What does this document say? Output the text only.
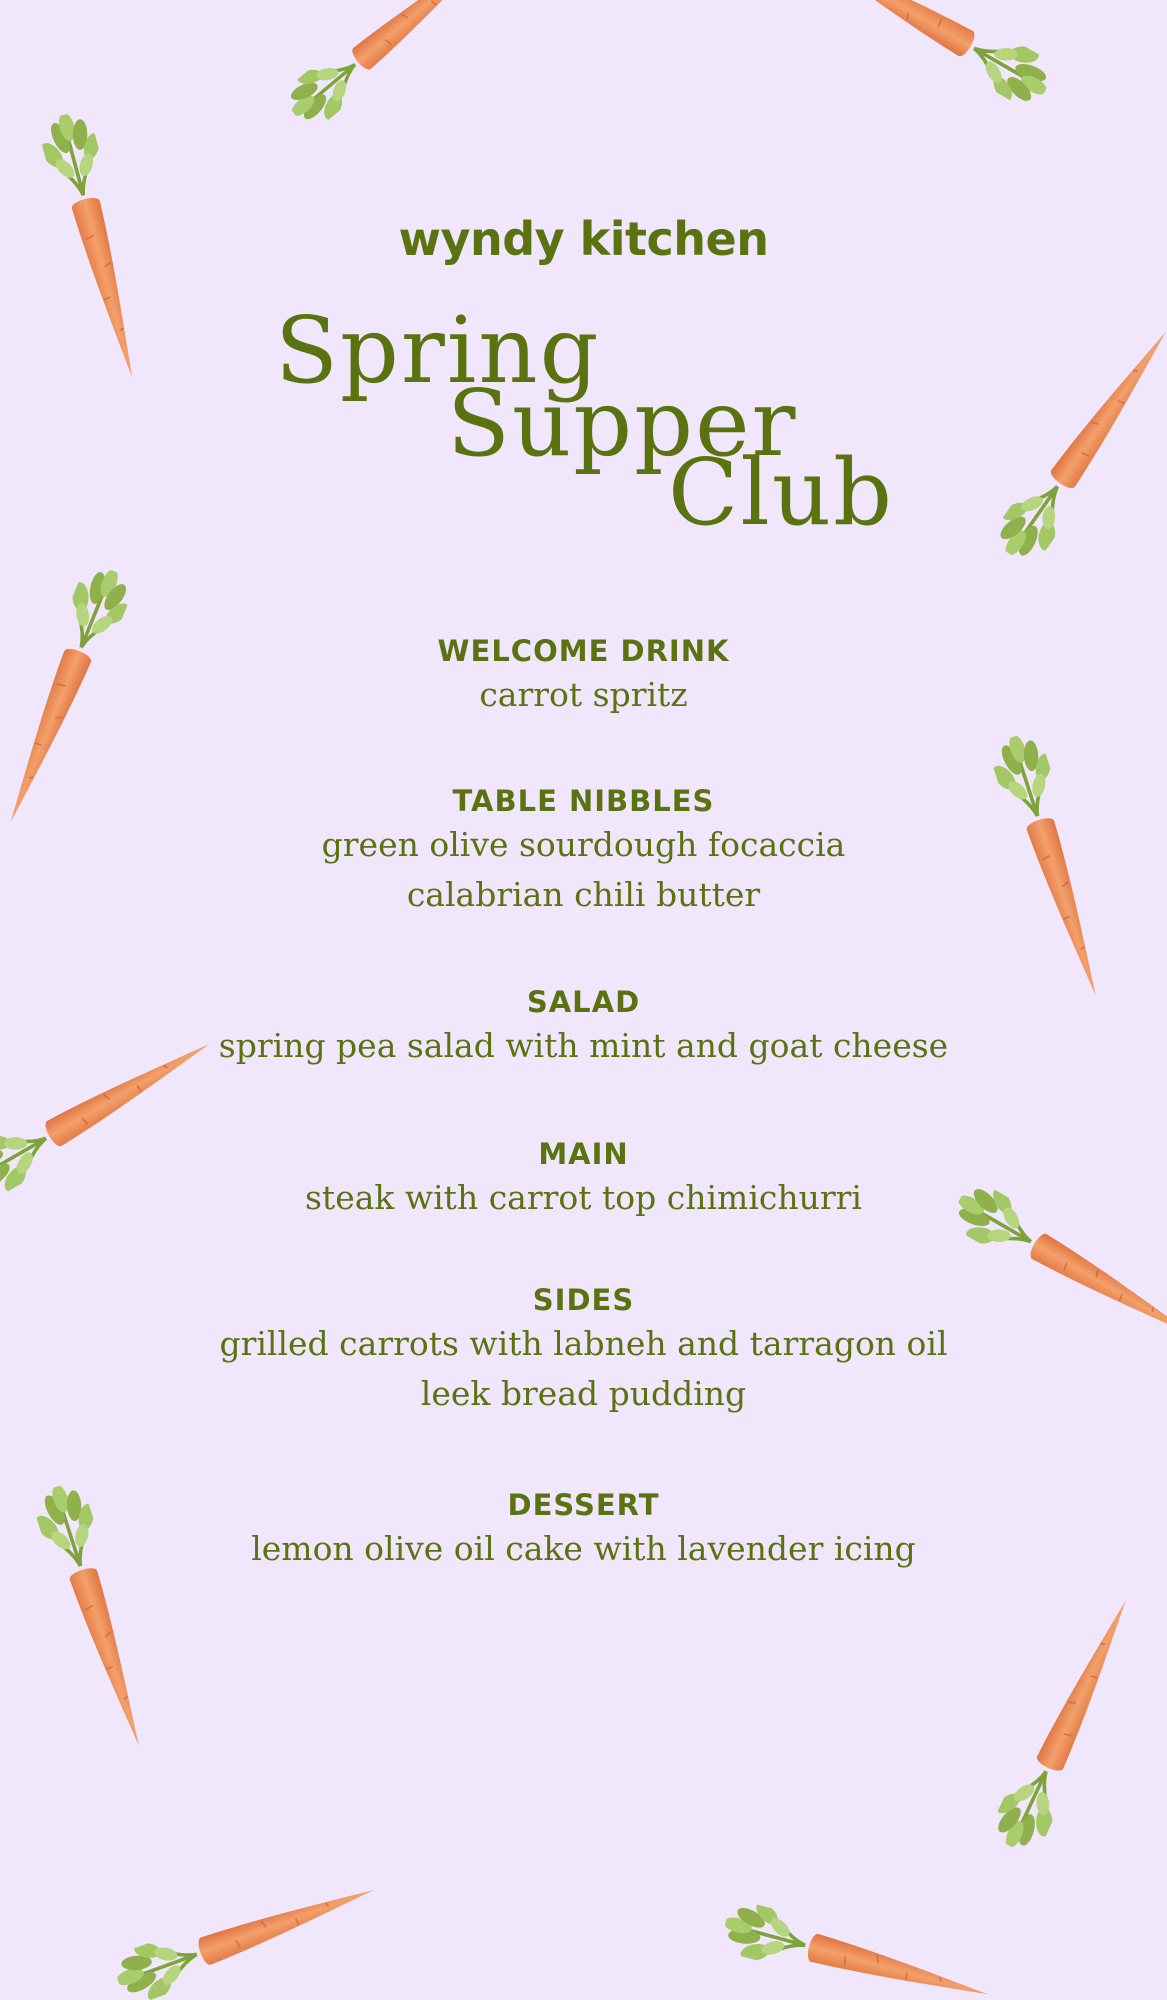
wyndy kitchen
Spring
Supper
Club

WELCOME DRINK

carrot spritz

TABLE NIBBLES

green olive sourdough focaccia

calabrian chili butter

SALAD

spring pea salad with mint and goat cheese

MAIN

steak with carrot top chimichurri

SIDES

grilled carrots with labneh and tarragon oil

leek bread pudding

DESSERT

lemon olive oil cake with lavender icing
